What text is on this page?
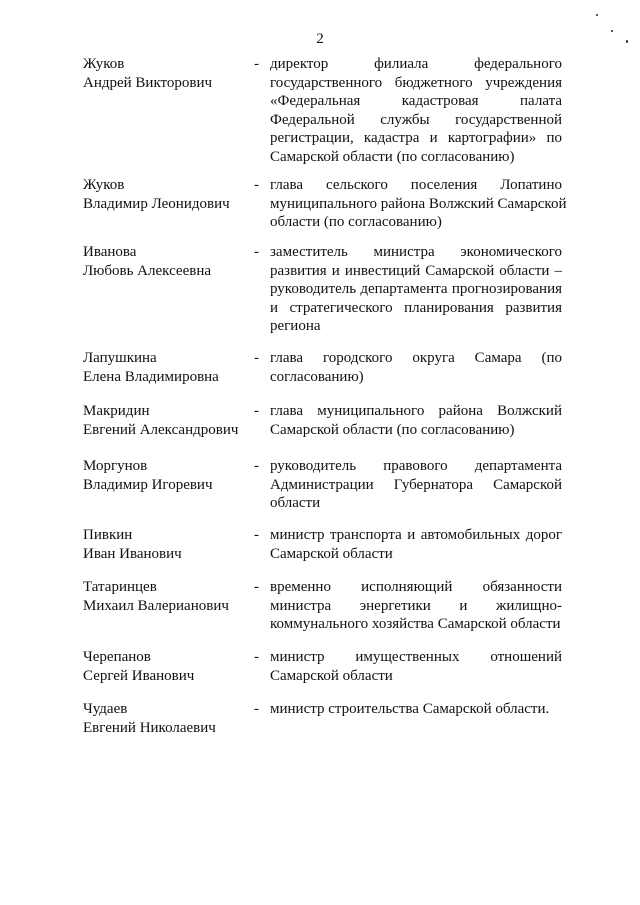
2
Жуков
Андрей Викторович
- директор филиала федерального
государственного бюджетного учреждения
«Федеральная кадастровая палата
Федеральной службы государственной
регистрации, кадастра и картографии» по
Самарской области (по согласованию)
Жуков
Владимир Леонидович
- глава сельского поселения Лопатино
муниципального района Волжский Самарской
области (по согласованию)
Иванова
Любовь Алексеевна
- заместитель министра экономического
развития и инвестиций Самарской области –
руководитель департамента прогнозирования
и стратегического планирования развития
региона
Лапушкина
Елена Владимировна
- глава городского округа Самара (по
согласованию)
Макридин
Евгений Александрович
- глава муниципального района Волжский
Самарской области (по согласованию)
Моргунов
Владимир Игоревич
- руководитель правового департамента
Администрации Губернатора Самарской
области
Пивкин
Иван Иванович
- министр транспорта и автомобильных дорог
Самарской области
Татаринцев
Михаил Валерианович
- временно исполняющий обязанности
министра энергетики и жилищно-
коммунального хозяйства Самарской области
Черепанов
Сергей Иванович
- министр имущественных отношений
Самарской области
Чудаев
Евгений Николаевич
- министр строительства Самарской области.
